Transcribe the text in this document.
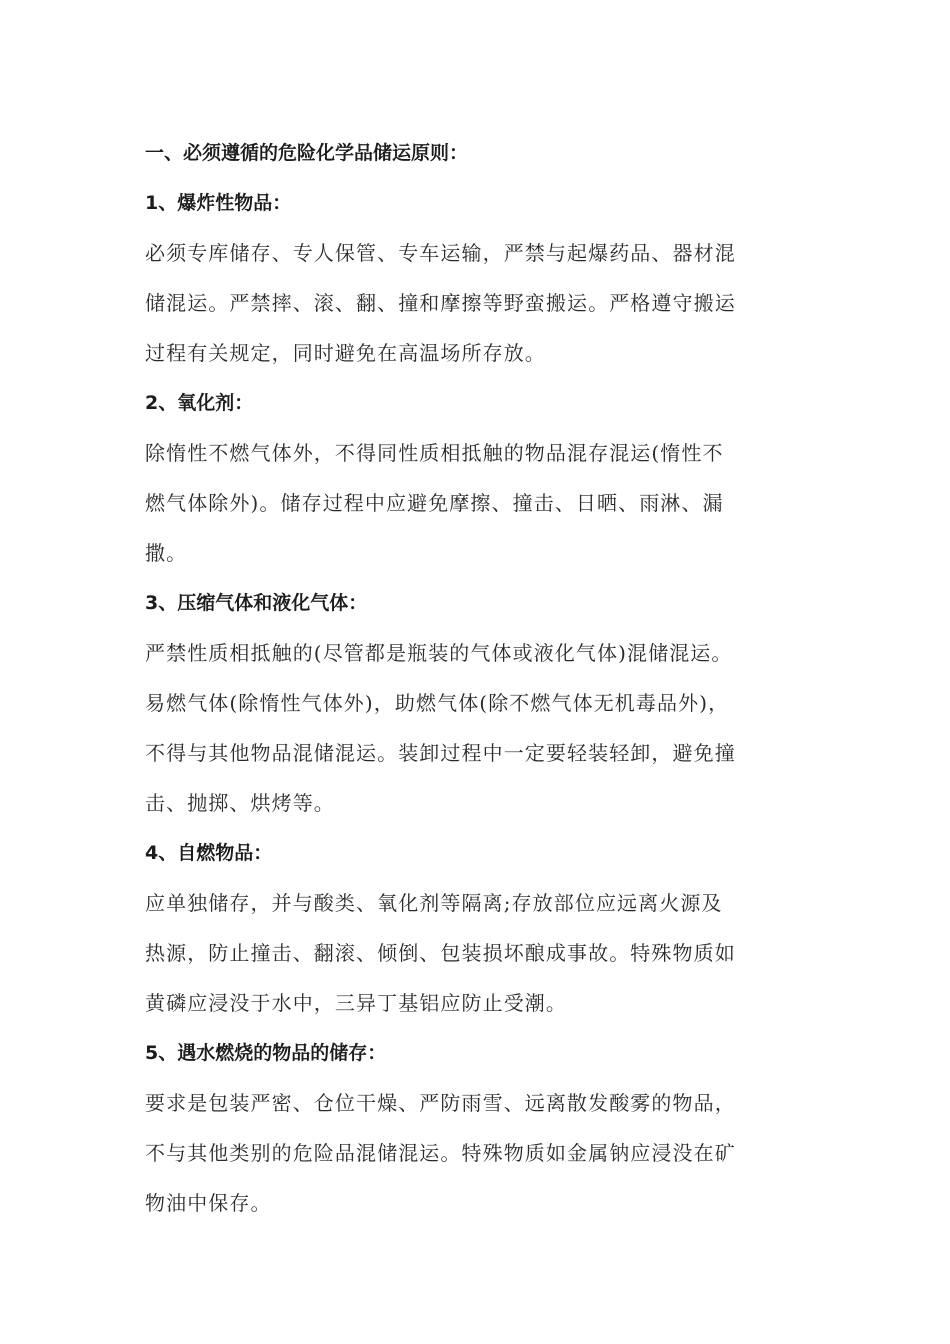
一、必须遵循的危险化学品储运原则：
1、爆炸性物品：
必须专库储存、专人保管、专车运输，严禁与起爆药品、器材混
储混运。严禁摔、滚、翻、撞和摩擦等野蛮搬运。严格遵守搬运
过程有关规定，同时避免在高温场所存放。
2、氧化剂：
除惰性不燃气体外，不得同性质相抵触的物品混存混运(惰性不
燃气体除外)。储存过程中应避免摩擦、撞击、日晒、雨淋、漏
撒。
3、压缩气体和液化气体：
严禁性质相抵触的(尽管都是瓶装的气体或液化气体)混储混运。
易燃气体(除惰性气体外)，助燃气体(除不燃气体无机毒品外)，
不得与其他物品混储混运。装卸过程中一定要轻装轻卸，避免撞
击、抛掷、烘烤等。
4、自燃物品：
应单独储存，并与酸类、氧化剂等隔离;存放部位应远离火源及
热源，防止撞击、翻滚、倾倒、包装损坏酿成事故。特殊物质如
黄磷应浸没于水中，三异丁基铝应防止受潮。
5、遇水燃烧的物品的储存：
要求是包装严密、仓位干燥、严防雨雪、远离散发酸雾的物品，
不与其他类别的危险品混储混运。特殊物质如金属钠应浸没在矿
物油中保存。
